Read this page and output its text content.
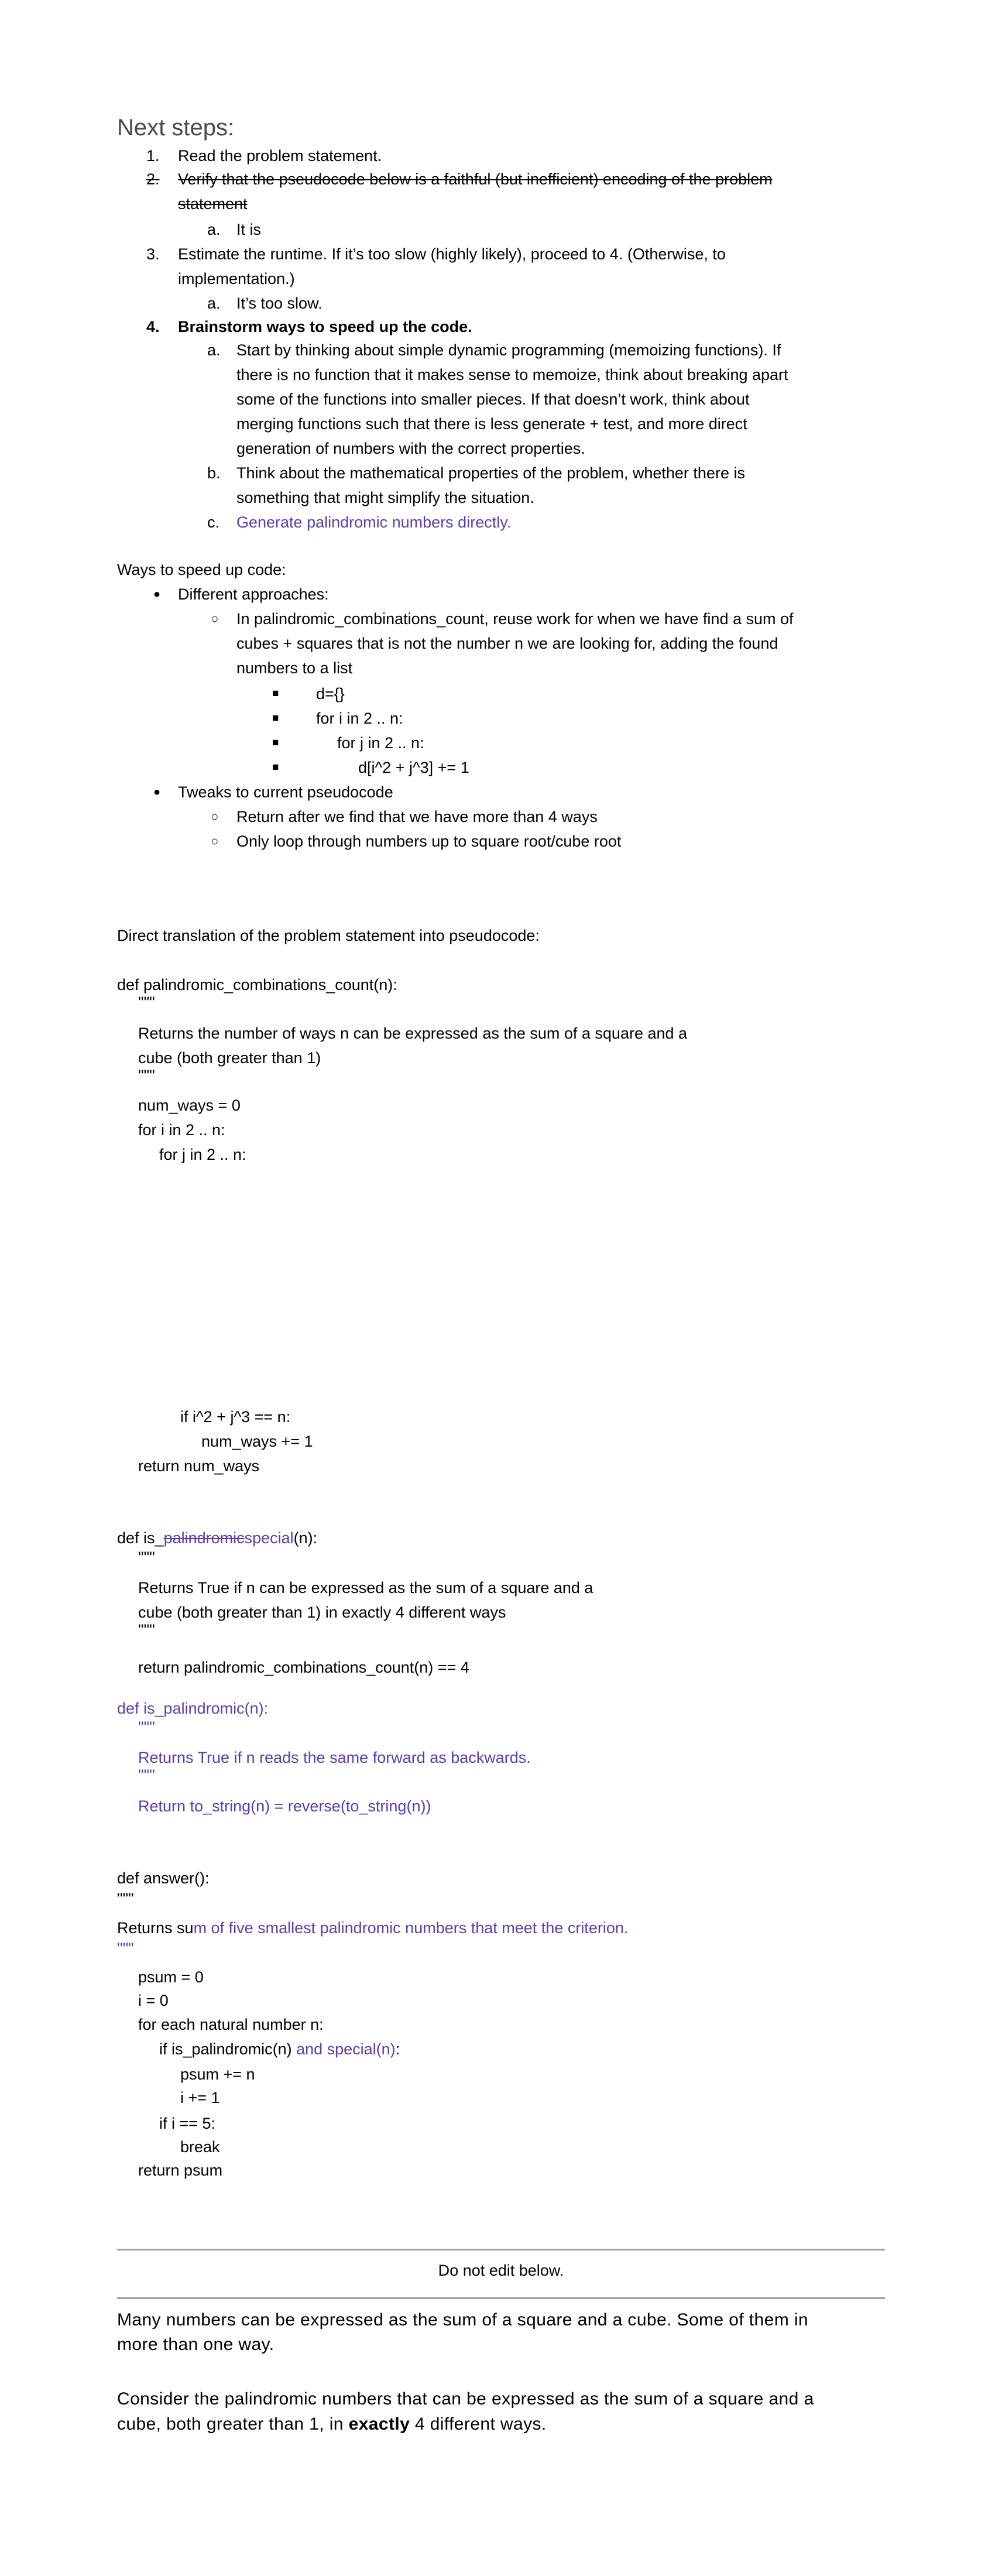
Next steps:
1. Read the problem statement.
2. Verify that the pseudocode below is a faithful (but inefficient) encoding of the problem
statement
a. It is
3. Estimate the runtime. If it’s too slow (highly likely), proceed to 4. (Otherwise, to
implementation.)
a. It’s too slow.
4. Brainstorm ways to speed up the code.
a. Start by thinking about simple dynamic programming (memoizing functions). If
there is no function that it makes sense to memoize, think about breaking apart
some of the functions into smaller pieces. If that doesn’t work, think about
merging functions such that there is less generate + test, and more direct
generation of numbers with the correct properties.
b. Think about the mathematical properties of the problem, whether there is
something that might simplify the situation.
c. Generate palindromic numbers directly.
Ways to speed up code:
● Different approaches:
○ In palindromic_combinations_count, reuse work for when we have find a sum of
cubes + squares that is not the number n we are looking for, adding the found
numbers to a list
■ d={}
■ for i in 2 .. n:
■	for j in 2 .. n:
■	d[i^2 + j^3] += 1
● Tweaks to current pseudocode
○ Return after we find that we have more than 4 ways
○ Only loop through numbers up to square root/cube root
Direct translation of the problem statement into pseudocode:
def palindromic_combinations_count(n):
"""
Returns the number of ways n can be expressed as the sum of a square and a
cube (both greater than 1)
"""
num_ways = 0
for i in 2 .. n:
for j in 2 .. n:
if i^2 + j^3 == n:
num_ways += 1
return num_ways
def is_palindromicspecial(n):
"""
Returns True if n can be expressed as the sum of a square and a
cube (both greater than 1) in exactly 4 different ways
"""
return palindromic_combinations_count(n) == 4
def is_palindromic(n):
"""
Returns True if n reads the same forward as backwards.
"""
Return to_string(n) = reverse(to_string(n))
def answer():
"""
Returns sum of five smallest palindromic numbers that meet the criterion.
"""
psum = 0
i = 0
for each natural number n:
if is_palindromic(n) and special(n):
psum += n
i += 1
if i == 5:
break
return psum
Do not edit below.
Many numbers can be expressed as the sum of a square and a cube. Some of them in
more than one way.
Consider the palindromic numbers that can be expressed as the sum of a square and a
cube, both greater than 1, in exactly 4 different ways.
